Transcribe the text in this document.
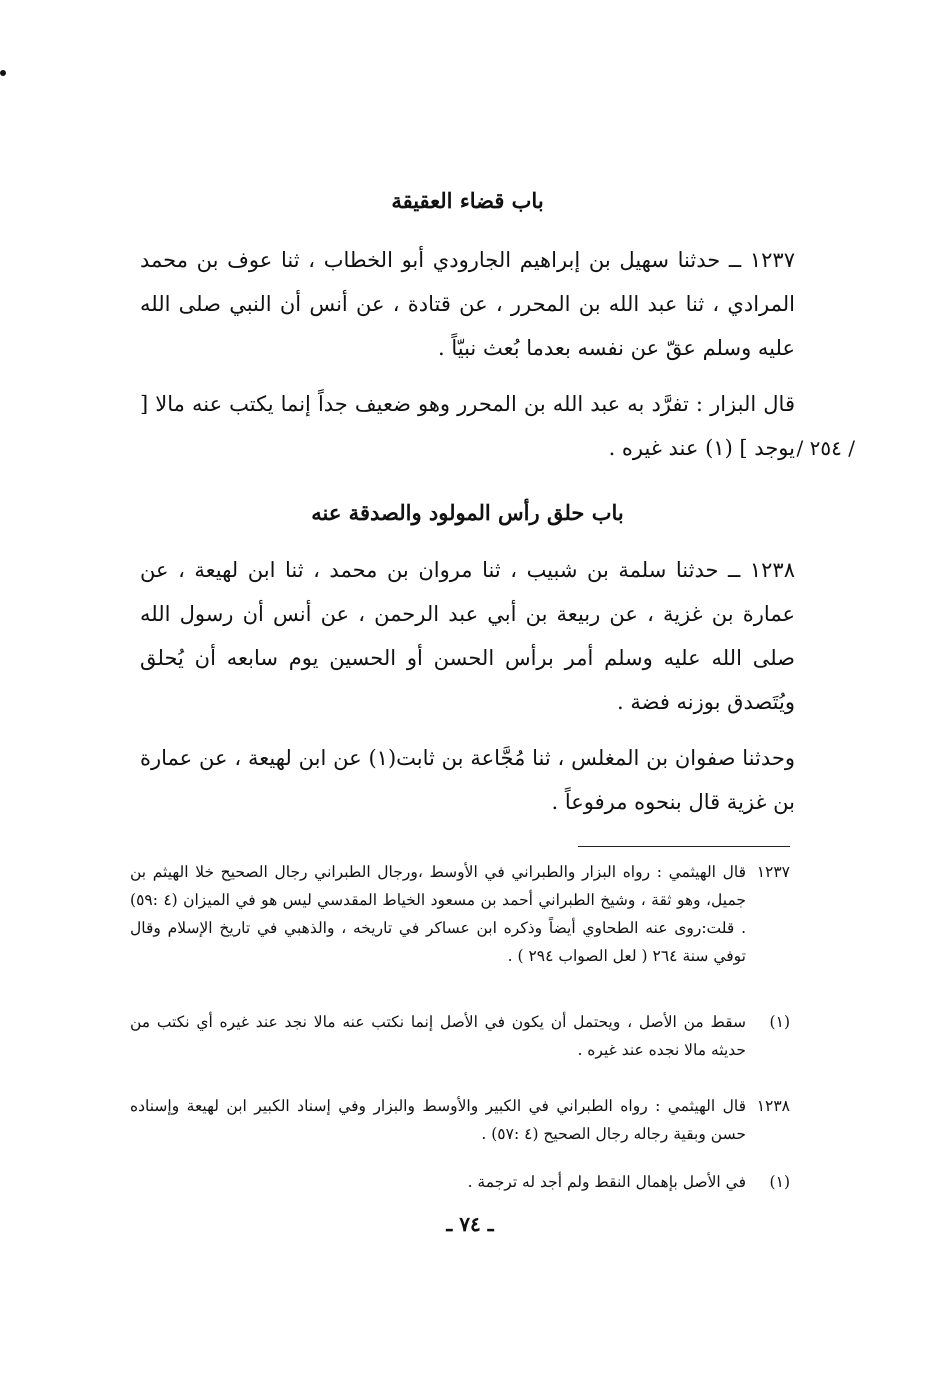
باب قضاء العقيقة

١٢٣٧ ــ حدثنا سهيل بن إبراهيم الجارودي أبو الخطاب ، ثنا عوف بن محمد المرادي ، ثنا عبد الله بن المحرر ، عن قتادة ، عن أنس أن النبي صلى الله عليه وسلم عقّ عن نفسه بعدما بُعث نبيّاً .

قال البزار : تفرَّد به عبد الله بن المحرر وهو ضعيف جداً إنما يكتب عنه مالا [ يوجد ] (١) عند غيره . / ٢٥٤ /
باب حلق رأس المولود والصدقة عنه

١٢٣٨ ــ حدثنا سلمة بن شبيب ، ثنا مروان بن محمد ، ثنا ابن لهيعة ، عن عمارة بن غزية ، عن ربيعة بن أبي عبد الرحمن ، عن أنس أن رسول الله صلى الله عليه وسلم أمر برأس الحسن أو الحسين يوم سابعه أن يُحلق ويُتَصدق بوزنه فضة .

وحدثنا صفوان بن المغلس ، ثنا مُجَّاعة بن ثابت(١) عن ابن لهيعة ، عن عمارة بن غزية قال بنحوه مرفوعاً .

١٢٣٧
قال الهيثمي : رواه البزار والطبراني في الأوسط ،ورجال الطبراني رجال الصحيح خلا الهيثم بن جميل، وهو ثقة ، وشيخ الطبراني أحمد بن مسعود الخياط المقدسي ليس هو في الميزان (٤ :٥٩) . قلت:روى عنه الطحاوي أيضاً وذكره ابن عساكر في تاريخه ، والذهبي في تاريخ الإسلام وقال توفي سنة ٢٦٤ ( لعل الصواب ٢٩٤ ) .
(١)
سقط من الأصل ، ويحتمل أن يكون في الأصل إنما نكتب عنه مالا نجد عند غيره أي نكتب من حديثه مالا نجده عند غيره .
١٢٣٨
قال الهيثمي : رواه الطبراني في الكبير والأوسط والبزار وفي إسناد الكبير ابن لهيعة وإسناده حسن وبقية رجاله رجال الصحيح (٤ :٥٧) .
(١)
في الأصل بإهمال النقط ولم أجد له ترجمة .
ـ ٧٤ ـ
